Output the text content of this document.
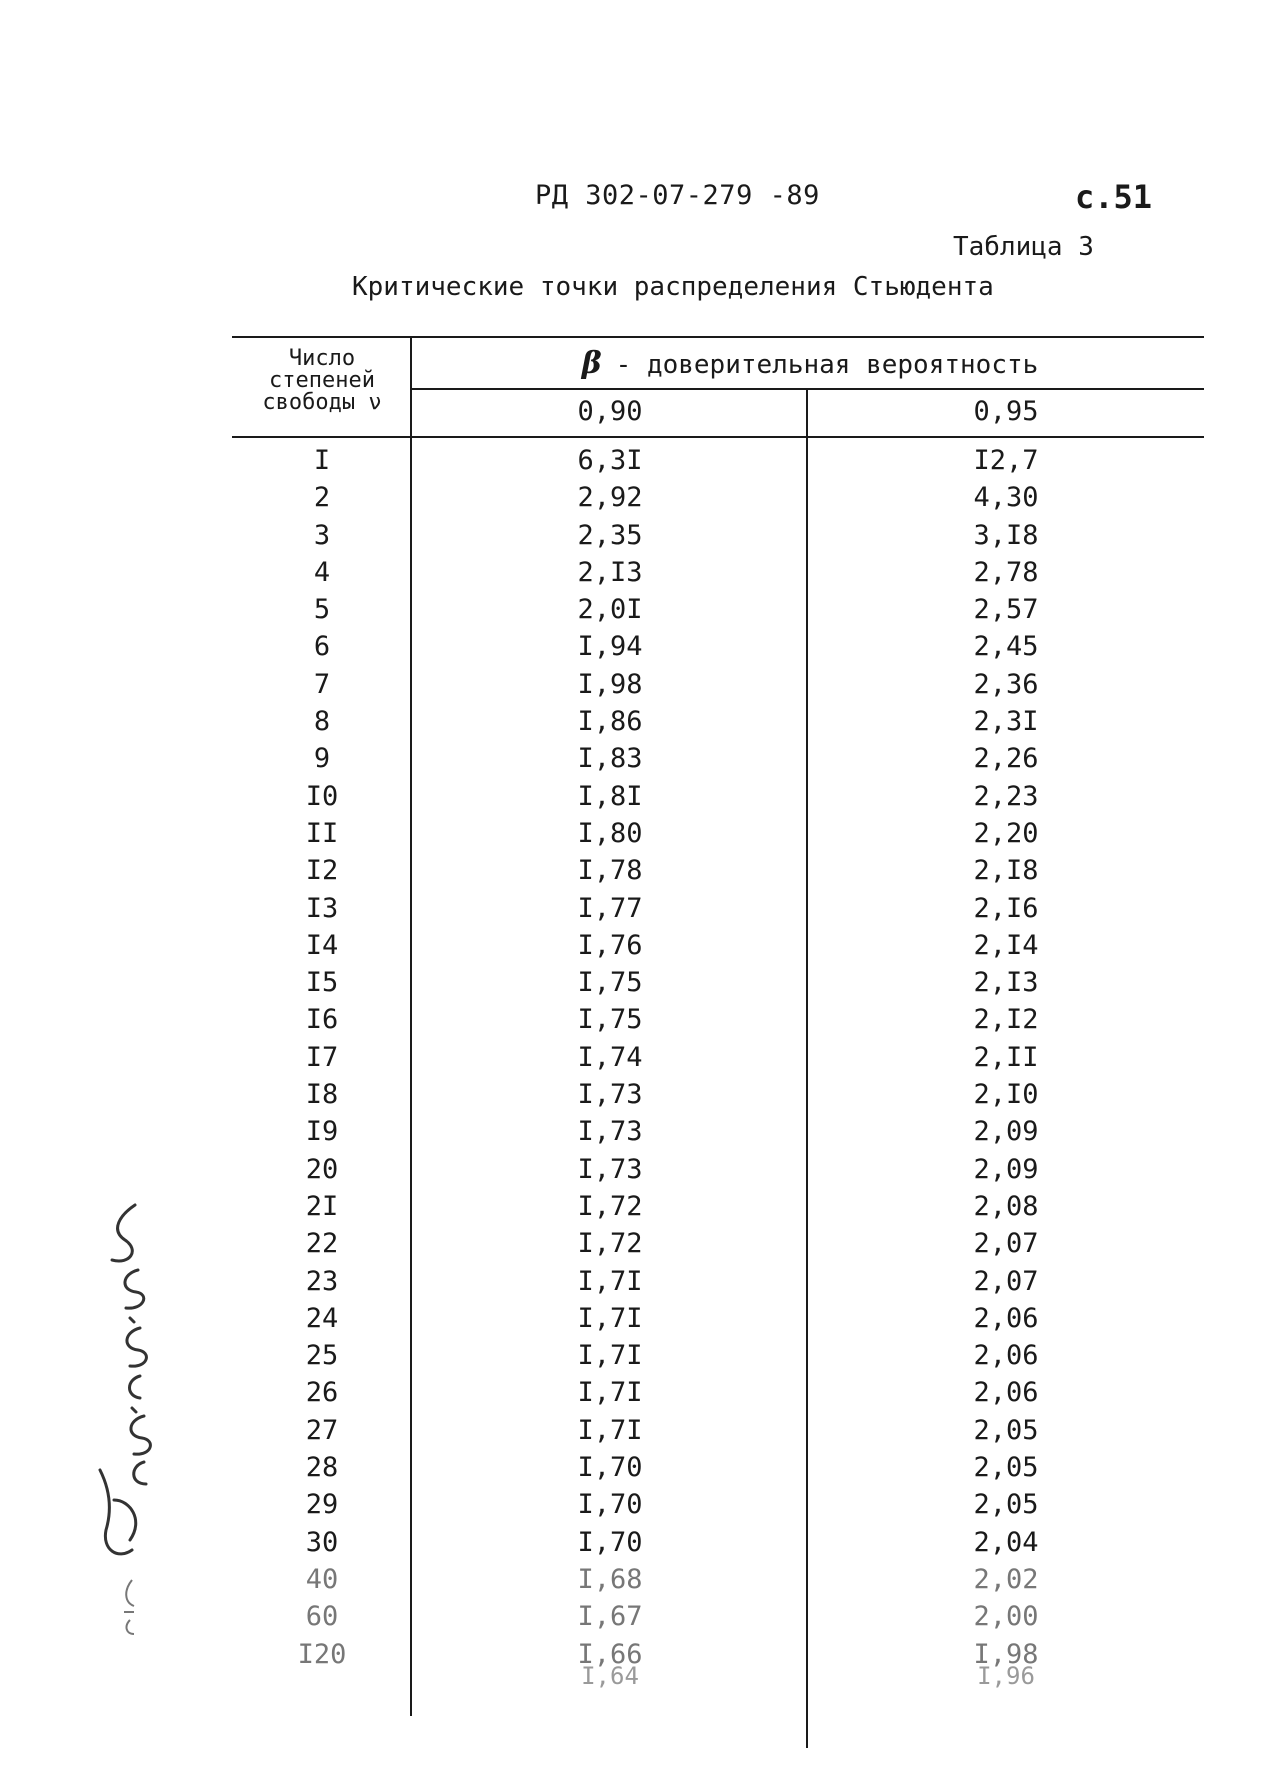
РД 302-07-279 -89	с.51
Таблица 3
Критические точки распределения Стьюдента
Число
степеней
свободы ν
β - доверительная вероятность
0,90	0,95
I	6,3I	I2,7
2	2,92	4,30
3	2,35	3,I8
4	2,I3	2,78
5	2,0I	2,57
6	I,94	2,45
7	I,98	2,36
8	I,86	2,3I
9	I,83	2,26
I0	I,8I	2,23
II	I,80	2,20
I2	I,78	2,I8
I3	I,77	2,I6
I4	I,76	2,I4
I5	I,75	2,I3
I6	I,75	2,I2
I7	I,74	2,II
I8	I,73	2,I0
I9	I,73	2,09
20	I,73	2,09
2I	I,72	2,08
22	I,72	2,07
23	I,7I	2,07
24	I,7I	2,06
25	I,7I	2,06
26	I,7I	2,06
27	I,7I	2,05
28	I,70	2,05
29	I,70	2,05
30	I,70	2,04
40	I,68	2,02
60	I,67	2,00
I20	I,66	I,98
I,64	I,96
